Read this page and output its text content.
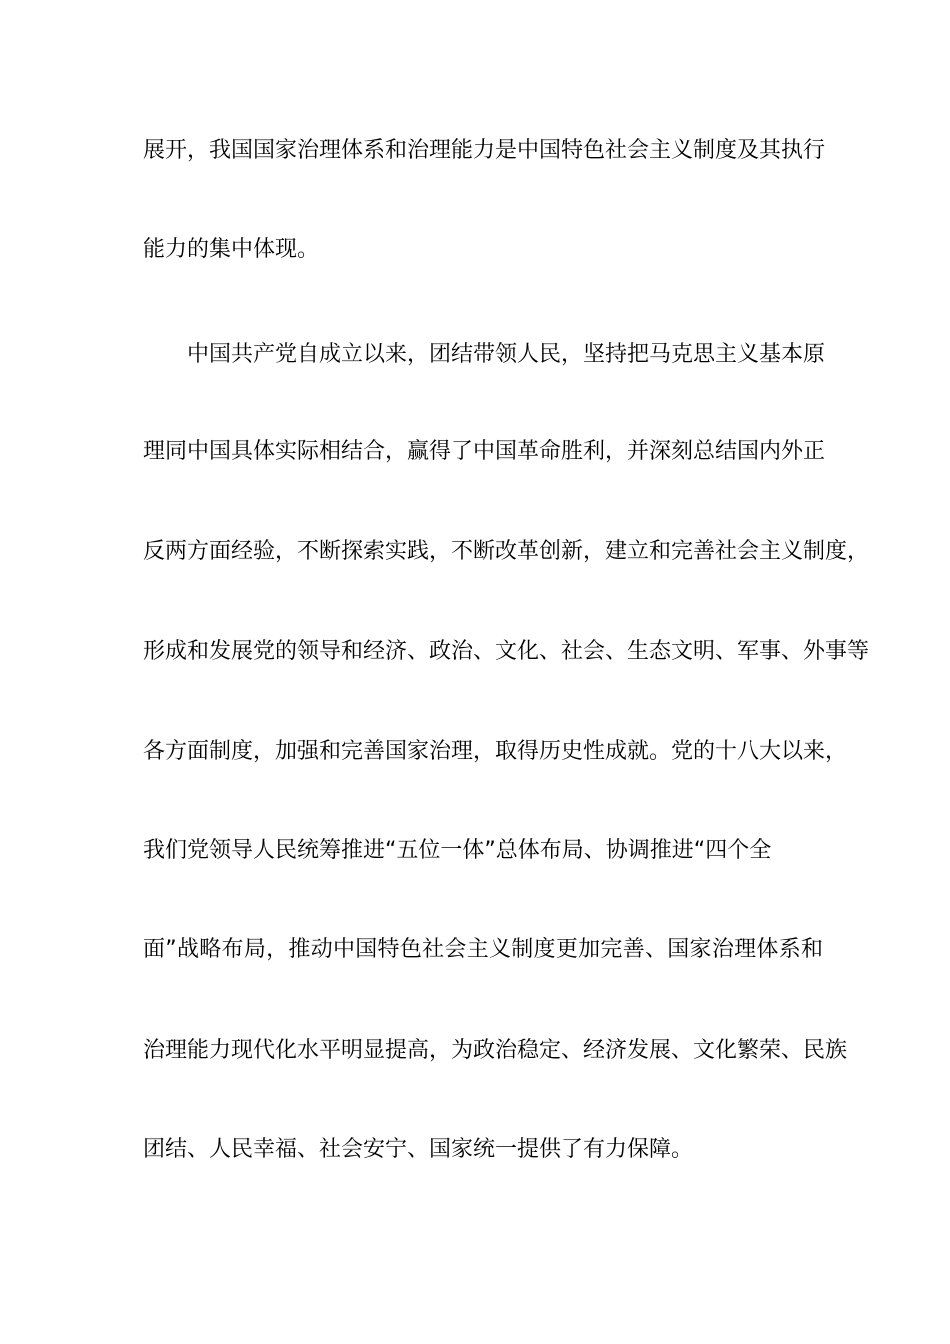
展开，我国国家治理体系和治理能力是中国特色社会主义制度及其执行

能力的集中体现。

中国共产党自成立以来，团结带领人民，坚持把马克思主义基本原

理同中国具体实际相结合，赢得了中国革命胜利，并深刻总结国内外正

反两方面经验，不断探索实践，不断改革创新，建立和完善社会主义制度，

形成和发展党的领导和经济、政治、文化、社会、生态文明、军事、外事等

各方面制度，加强和完善国家治理，取得历史性成就。党的十八大以来，

我们党领导人民统筹推进“五位一体”总体布局、协调推进“四个全

面”战略布局，推动中国特色社会主义制度更加完善、国家治理体系和

治理能力现代化水平明显提高，为政治稳定、经济发展、文化繁荣、民族

团结、人民幸福、社会安宁、国家统一提供了有力保障。
